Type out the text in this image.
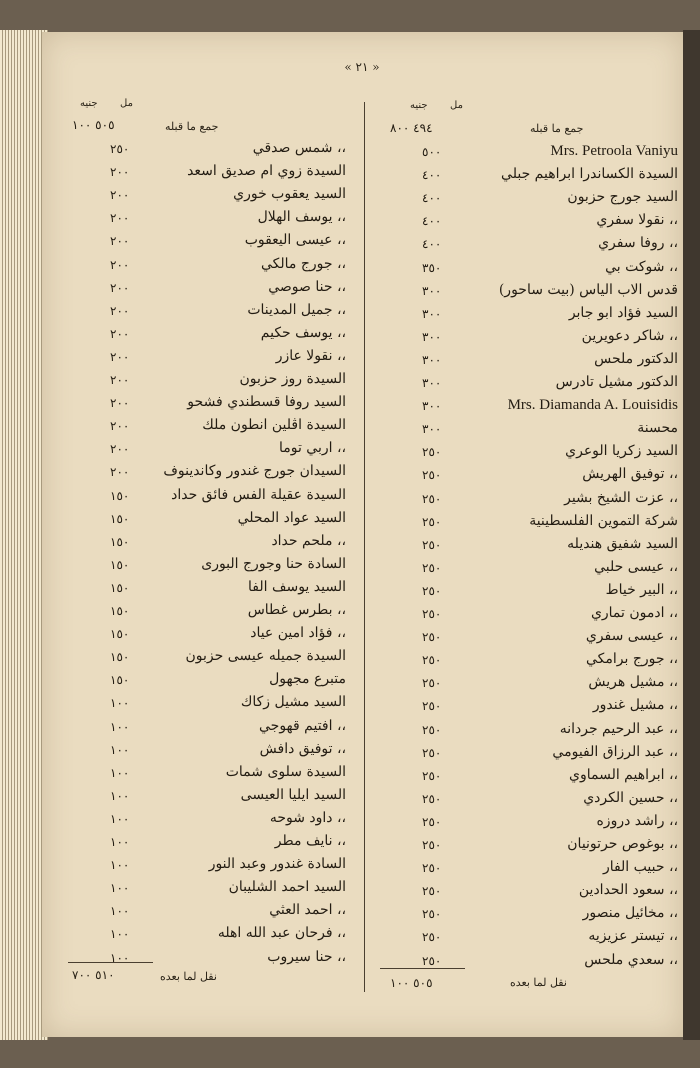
« ٢١ »
مل
جنيه
جمع ما قبله
٤٩٤ ٨٠٠
Mrs. Petroola Vaniyu
٥٠٠
السيدة الكساندرا ابراهيم جبلي
٤٠٠
السيد جورج حزبون
٤٠٠
،، نقولا سفري
٤٠٠
،، روفا سفري
٤٠٠
،، شوكت بي
٣٥٠
قدس الاب الياس (بيت ساحور)
٣٠٠
السيد فؤاد ابو جابر
٣٠٠
،، شاكر دعويرين
٣٠٠
الدكتور ملحس
٣٠٠
الدكتور مشيل تادرس
٣٠٠
Mrs. Diamanda A. Louisidis
٣٠٠
محسنة
٣٠٠
السيد زكريا الوعري
٢٥٠
،، توفيق الهريش
٢٥٠
،، عزت الشيخ بشير
٢٥٠
شركة التموين الفلسطينية
٢٥٠
السيد شفيق هنديله
٢٥٠
،، عيسى حلبي
٢٥٠
،، البير خياط
٢٥٠
،، ادمون تماري
٢٥٠
،، عيسى سفري
٢٥٠
،، جورج برامكي
٢٥٠
،، مشيل هريش
٢٥٠
،، مشيل غندور
٢٥٠
،، عبد الرحيم جردانه
٢٥٠
،، عبد الرزاق الفيومي
٢٥٠
،، ابراهيم السماوي
٢٥٠
،، حسين الكردي
٢٥٠
،، راشد دروزه
٢٥٠
،، بوغوص حرتونيان
٢٥٠
،، حبيب الفار
٢٥٠
،، سعود الحدادين
٢٥٠
،، مخائيل منصور
٢٥٠
،، تيستر عزيزيه
٢٥٠
،، سعدي ملحس
٢٥٠
نقل لما بعده
٥٠٥ ١٠٠
مل
جنيه
جمع ما قبله
٥٠٥ ١٠٠
،، شمس صدقي
٢٥٠
السيدة زوي ام صديق اسعد
٢٠٠
السيد يعقوب خوري
٢٠٠
،، يوسف الهلال
٢٠٠
،، عيسى اليعقوب
٢٠٠
،، جورج مالكي
٢٠٠
،، حنا صوصي
٢٠٠
،، جميل المدينات
٢٠٠
،، يوسف حكيم
٢٠٠
،، نقولا عازر
٢٠٠
السيدة روز حزبون
٢٠٠
السيد روفا قسطندي فشحو
٢٠٠
السيدة اڤلين انطون ملك
٢٠٠
،، اربي توما
٢٠٠
السيدان جورج غندور وكاندينوف
٢٠٠
السيدة عقيلة الفس فائق حداد
١٥٠
السيد عواد المحلي
١٥٠
،، ملحم حداد
١٥٠
السادة حنا وجورج البورى
١٥٠
السيد يوسف الفا
١٥٠
،، بطرس غطاس
١٥٠
،، فؤاد امين عياد
١٥٠
السيدة جميله عيسى حزبون
١٥٠
متبرع مجهول
١٥٠
السيد مشيل زكاك
١٠٠
،، افتيم قهوجي
١٠٠
،، توفيق دافش
١٠٠
السيدة سلوى شمات
١٠٠
السيد ايليا العيسى
١٠٠
،، داود شوحه
١٠٠
،، نايف مطر
١٠٠
السادة غندور وعبد النور
١٠٠
السيد احمد الشليبان
١٠٠
،، احمد العثي
١٠٠
،، فرحان عبد الله اهله
١٠٠
،، حنا سيروب
١٠٠
نقل لما بعده
٥١٠ ٧٠٠
